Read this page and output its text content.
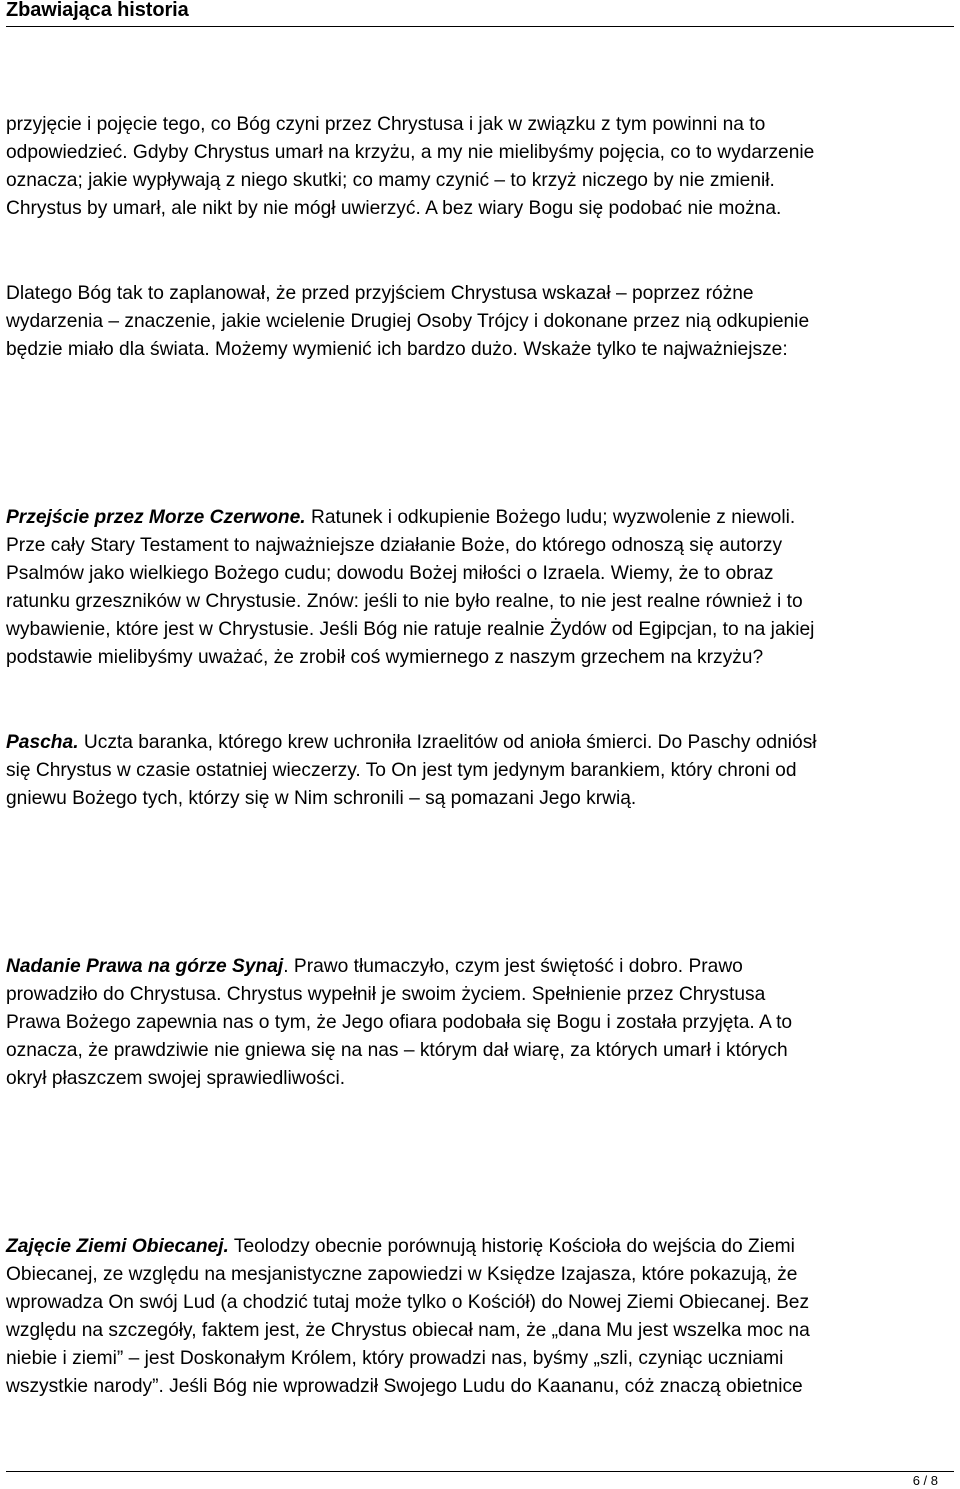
Zbawiająca historia

przyjęcie i pojęcie tego, co Bóg czyni przez Chrystusa i jak w związku z tym powinni na to
odpowiedzieć. Gdyby Chrystus umarł na krzyżu, a my nie mielibyśmy pojęcia, co to wydarzenie
oznacza; jakie wypływają z niego skutki; co mamy czynić – to krzyż niczego by nie zmienił.
Chrystus by umarł, ale nikt by nie mógł uwierzyć. A bez wiary Bogu się podobać nie można.

Dlatego Bóg tak to zaplanował, że przed przyjściem Chrystusa wskazał – poprzez różne
wydarzenia – znaczenie, jakie wcielenie Drugiej Osoby Trójcy i dokonane przez nią odkupienie
będzie miało dla świata. Możemy wymienić ich bardzo dużo. Wskaże tylko te najważniejsze:

Przejście przez Morze Czerwone. Ratunek i odkupienie Bożego ludu; wyzwolenie z niewoli.
Prze cały Stary Testament to najważniejsze działanie Boże, do którego odnoszą się autorzy
Psalmów jako wielkiego Bożego cudu; dowodu Bożej miłości o Izraela. Wiemy, że to obraz
ratunku grzeszników w Chrystusie. Znów: jeśli to nie było realne, to nie jest realne również i to
wybawienie, które jest w Chrystusie. Jeśli Bóg nie ratuje realnie Żydów od Egipcjan, to na jakiej
podstawie mielibyśmy uważać, że zrobił coś wymiernego z naszym grzechem na krzyżu?

Pascha. Uczta baranka, którego krew uchroniła Izraelitów od anioła śmierci. Do Paschy odniósł
się Chrystus w czasie ostatniej wieczerzy. To On jest tym jedynym barankiem, który chroni od
gniewu Bożego tych, którzy się w Nim schronili – są pomazani Jego krwią.

Nadanie Prawa na górze Synaj. Prawo tłumaczyło, czym jest świętość i dobro. Prawo
prowadziło do Chrystusa. Chrystus wypełnił je swoim życiem. Spełnienie przez Chrystusa
Prawa Bożego zapewnia nas o tym, że Jego ofiara podobała się Bogu i została przyjęta. A to
oznacza, że prawdziwie nie gniewa się na nas – którym dał wiarę, za których umarł i których
okrył płaszczem swojej sprawiedliwości.

Zajęcie Ziemi Obiecanej. Teolodzy obecnie porównują historię Kościoła do wejścia do Ziemi
Obiecanej, ze względu na mesjanistyczne zapowiedzi w Księdze Izajasza, które pokazują, że
wprowadza On swój Lud (a chodzić tutaj może tylko o Kościół) do Nowej Ziemi Obiecanej. Bez
względu na szczegóły, faktem jest, że Chrystus obiecał nam, że „dana Mu jest wszelka moc na
niebie i ziemi” – jest Doskonałym Królem, który prowadzi nas, byśmy „szli, czyniąc uczniami
wszystkie narody”. Jeśli Bóg nie wprowadził Swojego Ludu do Kaananu, cóż znaczą obietnice

6 / 8
